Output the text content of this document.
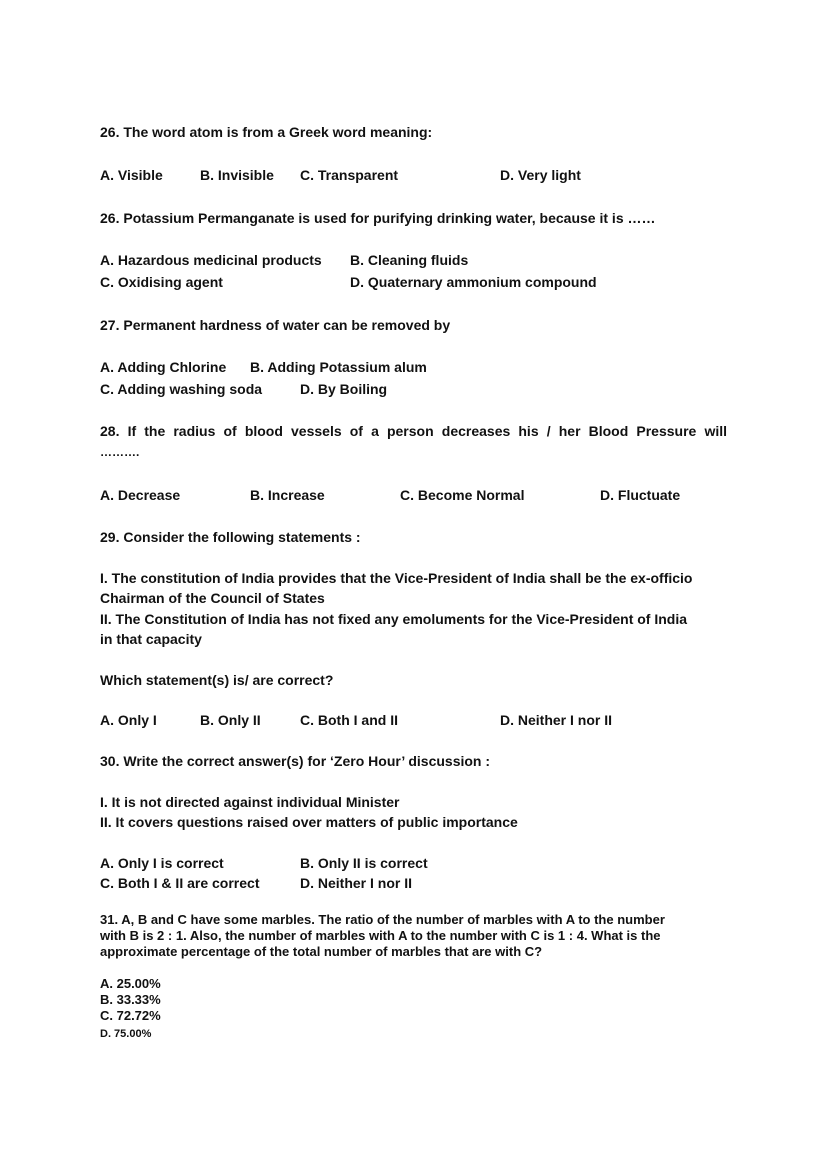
26. The word atom is from a Greek word meaning:
A. Visible	B. Invisible C. Transparent	D. Very light
26. Potassium Permanganate is used for purifying drinking water, because it is ……
A. Hazardous medicinal products B. Cleaning fluids
C. Oxidising agent	D. Quaternary ammonium compound
27. Permanent hardness of water can be removed by
A. Adding Chlorine B. Adding Potassium alum
C. Adding washing soda	D. By Boiling
28. If the radius of blood vessels of a person decreases his / her Blood Pressure will
……….
A. Decrease	B. Increase	C. Become Normal	D. Fluctuate
29. Consider the following statements :
I. The constitution of India provides that the Vice-President of India shall be the ex-officio
Chairman of the Council of States
II. The Constitution of India has not fixed any emoluments for the Vice-President of India
in that capacity
Which statement(s) is/ are correct?
A. Only I	B. Only II	C. Both I and II	D. Neither I nor II
30. Write the correct answer(s) for ‘Zero Hour’ discussion :
I. It is not directed against individual Minister
II. It covers questions raised over matters of public importance
A. Only I is correct	B. Only II is correct
C. Both I & II are correct	D. Neither I nor II
31. A, B and C have some marbles. The ratio of the number of marbles with A to the number
with B is 2 : 1. Also, the number of marbles with A to the number with C is 1 : 4. What is the
approximate percentage of the total number of marbles that are with C?
A. 25.00%
B. 33.33%
C. 72.72%
D. 75.00%
